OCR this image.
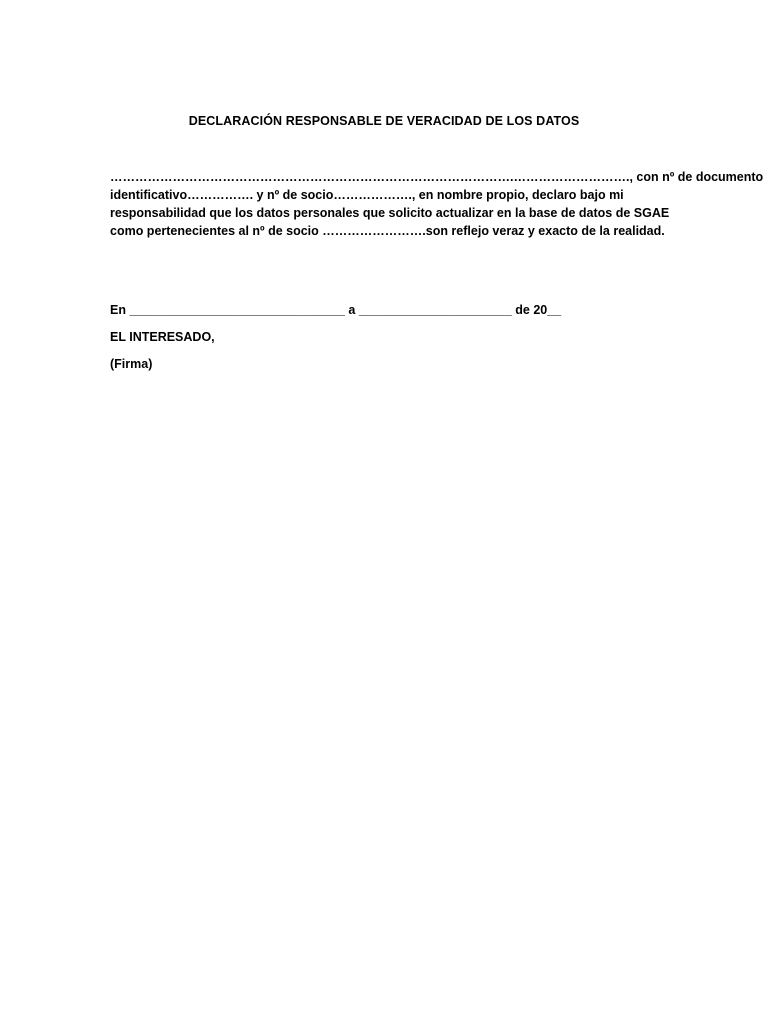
DECLARACIÓN RESPONSABLE DE VERACIDAD DE LOS DATOS
…………………………………………………………………………………….………………………., con nº de documento
identificativo……………. y nº de socio………………., en nombre propio, declaro bajo mi
responsabilidad que los datos personales que solicito actualizar en la base de datos de SGAE
como pertenecientes al nº de socio …………………….son reflejo veraz y exacto de la realidad.
En _______________________________ a ______________________ de 20__
EL INTERESADO,
(Firma)
